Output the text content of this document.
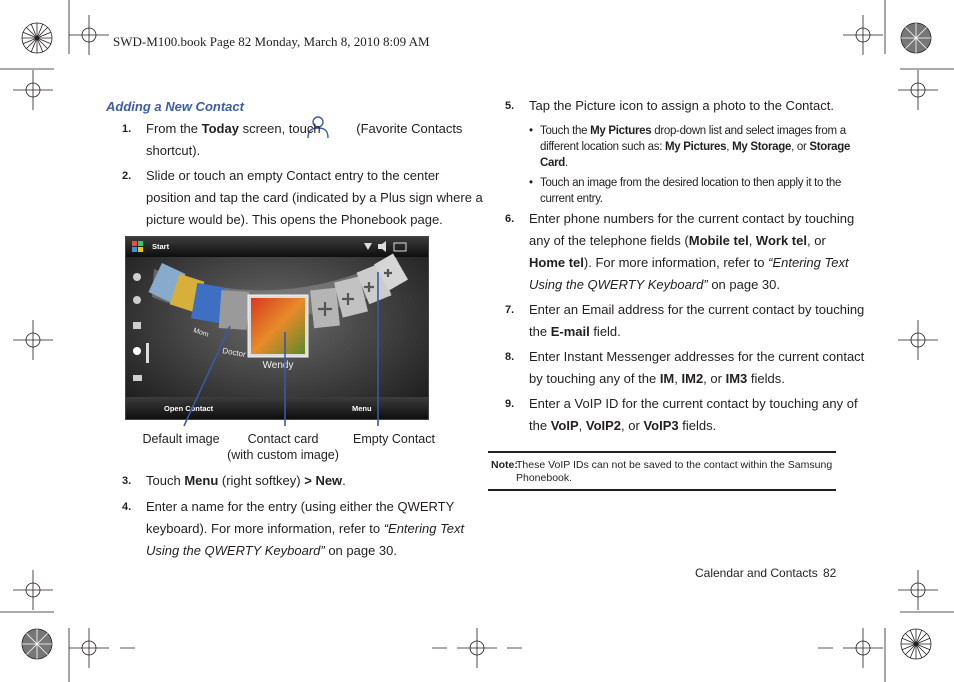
SWD-M100.book Page 82 Monday, March 8, 2010 8:09 AM
Adding a New Contact
1. From the Today screen, touch (Favorite Contacts
shortcut).
2. Slide or touch an empty Contact entry to the center
position and tap the card (indicated by a Plus sign where a
picture would be). This opens the Phonebook page.
Start
Open Contact	Menu
Wendy
Doctor
Mom
Default image	Contact card
(with custom image)
Empty Contact
3. Touch Menu (right softkey) > New.
4. Enter a name for the entry (using either the QWERTY
keyboard). For more information, refer to “Entering Text
Using the QWERTY Keyboard” on page 30.
5. Tap the Picture icon to assign a photo to the Contact.
• Touch the My Pictures drop-down list and select images from a
different location such as: My Pictures, My Storage, or Storage
Card.
• Touch an image from the desired location to then apply it to the
current entry.
6. Enter phone numbers for the current contact by touching
any of the telephone fields (Mobile tel, Work tel, or
Home tel). For more information, refer to “Entering Text
Using the QWERTY Keyboard” on page 30.
7. Enter an Email address for the current contact by touching
the E-mail field.
8. Enter Instant Messenger addresses for the current contact
by touching any of the IM, IM2, or IM3 fields.
9. Enter a VoIP ID for the current contact by touching any of
the VoIP, VoIP2, or VoIP3 fields.
Note:
These VoIP IDs can not be saved to the contact within the Samsung
Phonebook.
Calendar and Contacts 82
